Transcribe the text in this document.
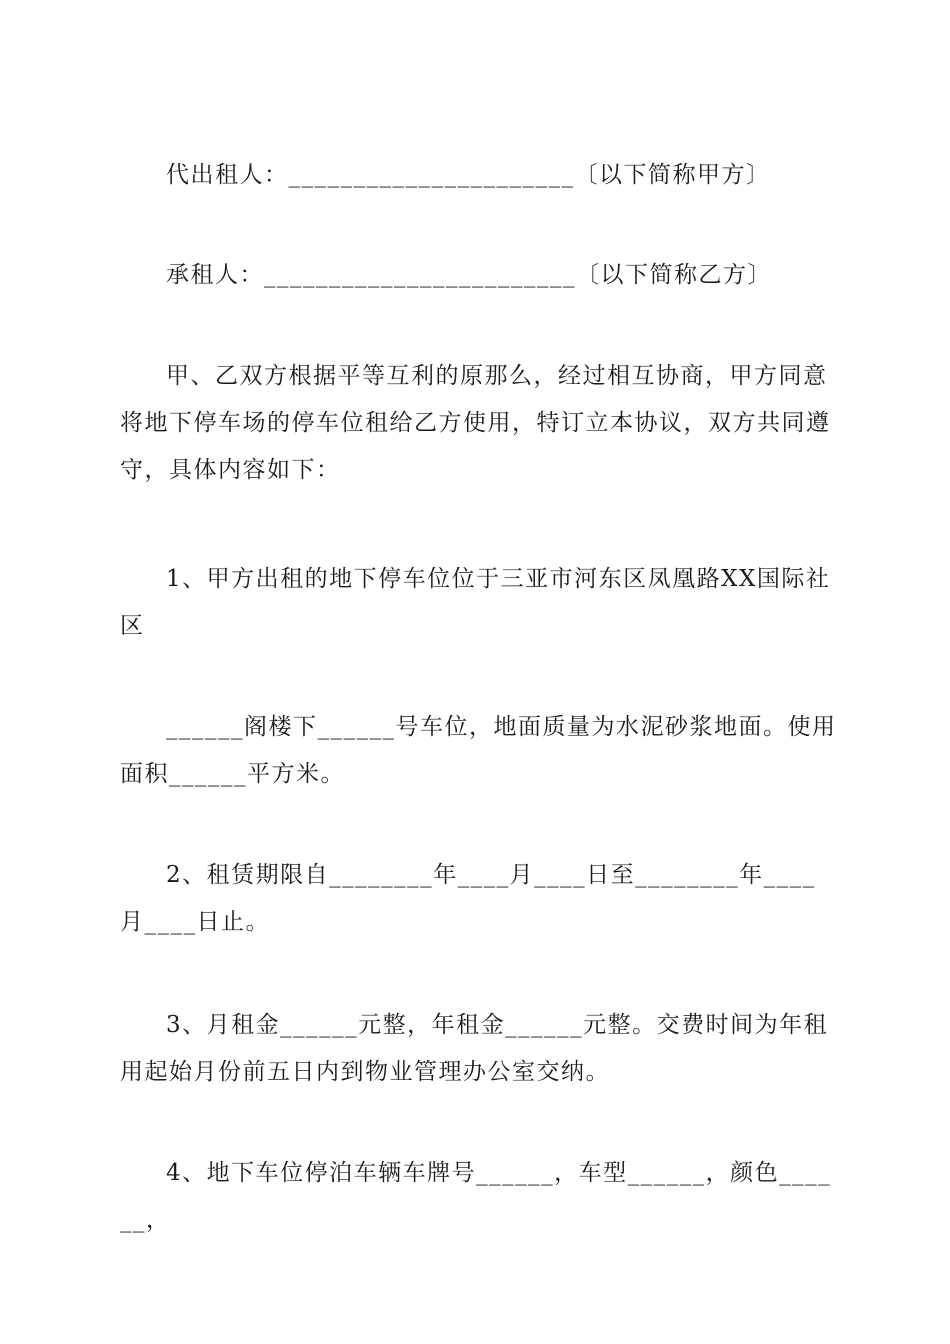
代出租人：______________________〔以下简称甲方〕

承租人：________________________〔以下简称乙方〕

甲、乙双方根据平等互利的原那么，经过相互协商，甲方同意将地下停车场的停车位租给乙方使用，特订立本协议，双方共同遵守，具体内容如下：

1、甲方出租的地下停车位位于三亚市河东区凤凰路XX国际社区

______阁楼下______号车位，地面质量为水泥砂浆地面。使用面积______平方米。

2、租赁期限自________年____月____日至________年____月____日止。

3、月租金______元整，年租金______元整。交费时间为年租用起始月份前五日内到物业管理办公室交纳。

4、地下车位停泊车辆车牌号______，车型______，颜色______，
